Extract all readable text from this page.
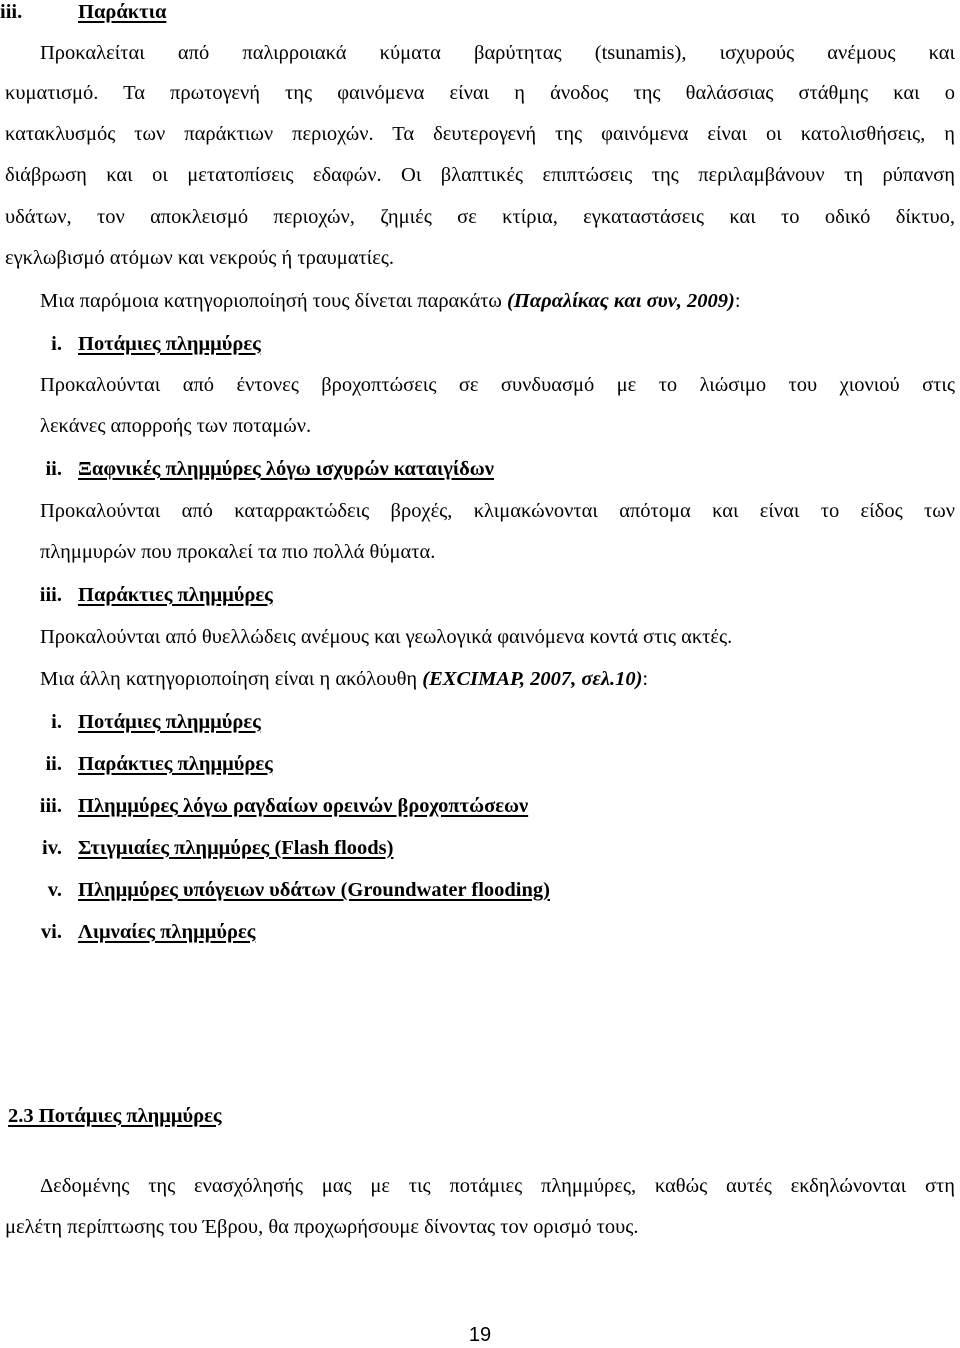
iii.	Παράκτια
Προκαλείται από παλιρροιακά κύματα βαρύτητας (tsunamis), ισχυρούς ανέμους και
κυματισμό. Τα πρωτογενή της φαινόμενα είναι η άνοδος της θαλάσσιας στάθμης και ο
κατακλυσμός των παράκτιων περιοχών. Τα δευτερογενή της φαινόμενα είναι οι κατολισθήσεις, η
διάβρωση και οι μετατοπίσεις εδαφών. Οι βλαπτικές επιπτώσεις της περιλαμβάνουν τη ρύπανση
υδάτων, τον αποκλεισμό περιοχών, ζημιές σε κτίρια, εγκαταστάσεις και το οδικό δίκτυο,
εγκλωβισμό ατόμων και νεκρούς ή τραυματίες.
Μια παρόμοια κατηγοριοποίησή τους δίνεται παρακάτω (Παραλίκας και συν, 2009):
i. Ποτάμιες πλημμύρες
Προκαλούνται από έντονες βροχοπτώσεις σε συνδυασμό με το λιώσιμο του χιονιού στις
λεκάνες απορροής των ποταμών.
ii. Ξαφνικές πλημμύρες λόγω ισχυρών καταιγίδων
Προκαλούνται από καταρρακτώδεις βροχές, κλιμακώνονται απότομα και είναι το είδος των
πλημμυρών που προκαλεί τα πιο πολλά θύματα.
iii. Παράκτιες πλημμύρες
Προκαλούνται από θυελλώδεις ανέμους και γεωλογικά φαινόμενα κοντά στις ακτές.
Μια άλλη κατηγοριοποίηση είναι η ακόλουθη (EXCIMAP, 2007, σελ.10):
i. Ποτάμιες πλημμύρες
ii. Παράκτιες πλημμύρες
iii. Πλημμύρες λόγω ραγδαίων ορεινών βροχοπτώσεων
iv. Στιγμιαίες πλημμύρες (Flash floods)
v. Πλημμύρες υπόγειων υδάτων (Groundwater flooding)
vi. Λιμναίες πλημμύρες
2.3 Ποτάμιες πλημμύρες
Δεδομένης της ενασχόλησής μας με τις ποτάμιες πλημμύρες, καθώς αυτές εκδηλώνονται στη
μελέτη περίπτωσης του Έβρου, θα προχωρήσουμε δίνοντας τον ορισμό τους.
19
